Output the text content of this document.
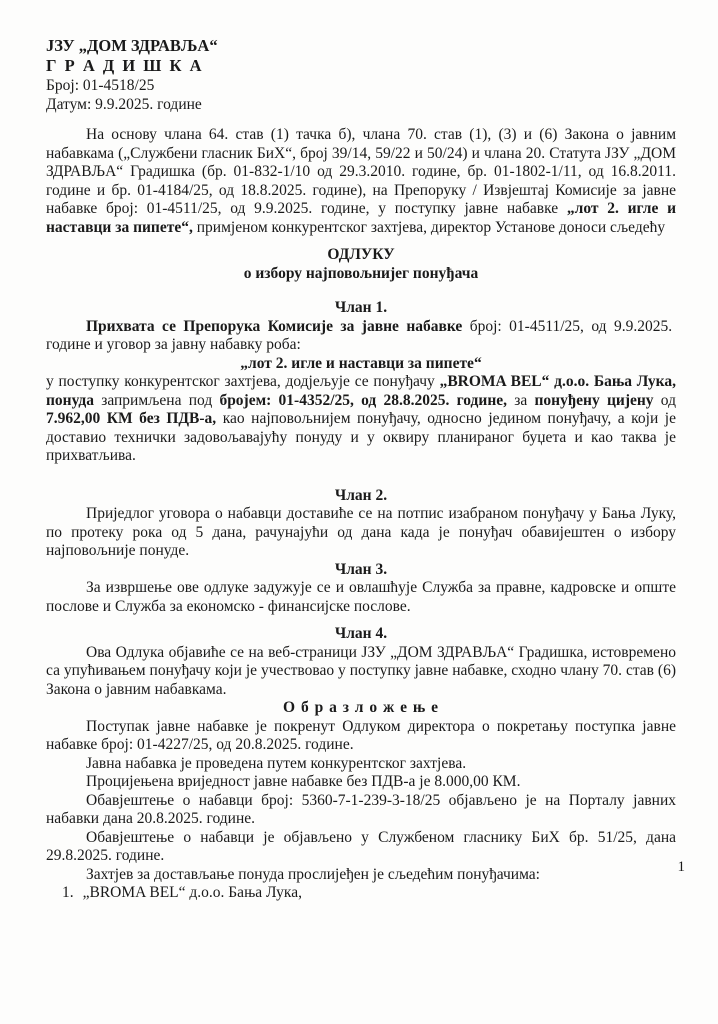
ЈЗУ „ДОМ ЗДРАВЉА“
Г Р А Д И Ш К А
Број: 01-4518/25
Датум: 9.9.2025. године

На основу члана 64. став (1) тачка б), члана 70. став (1), (3) и (6) Закона о јавним набавкама („Службени гласник БиХ“, број 39/14, 59/22 и 50/24) и члана 20. Статута ЈЗУ „ДОМ ЗДРАВЉА“ Градишка (бр. 01-832-1/10 од 29.3.2010. године, бр. 01-1802-1/11, од 16.8.2011. године и бр. 01-4184/25, од 18.8.2025. године), на Препоруку / Извјештај Комисије за јавне набавке број: 01-4511/25, од 9.9.2025. године, у поступку јавне набавке „лот 2. игле и наставци за пипете“, примјеном конкурентског захтјева, директор Установе доноси сљедећу

ОДЛУКУ
о избору најповољнијег понуђача
Члан 1.

Прихвата се Препорука Комисије за јавне набавке број: 01-4511/25, од 9.9.2025.  године и уговор за јавну набавку роба:

„лот 2. игле и наставци за пипете“

у поступку конкурентског захтјева, додјељује се понуђачу „BROMA BEL“ д.о.о. Бања Лука, понуда запримљена под бројем: 01-4352/25, од 28.8.2025. године, за понуђену цијену од 7.962,00 КМ без ПДВ-а, као најповољнијем понуђачу, односно једином понуђачу, а који је доставио технички задовољавајућу понуду и у оквиру планираног буџета и као таква је прихватљива.

Члан 2.

Приједлог уговора о набавци доставиће се на потпис изабраном понуђачу у Бања Луку, по протеку рока од 5 дана, рачунајући од дана када је понуђач обавијештен о избору најповољније понуде.

Члан 3.

За извршење ове одлуке задужује се и овлашћује Служба за правне, кадровске и опште послове и Служба за економско - финансијске послове.

Члан 4.

Ова Одлука објавиће се на веб-страници ЈЗУ „ДОМ ЗДРАВЉА“ Градишка, истовремено са упућивањем понуђачу који је учествовао у поступку јавне набавке, сходно члану 70. став (6) Закона о јавним набавкама.

О б р а з л о ж е њ е

Поступак јавне набавке је покренут Одлуком директора о покретању поступка јавне набавке број: 01-4227/25, од 20.8.2025. године.

Јавна набавка је проведена путем конкурентског захтјева.

Процијењена вриједност јавне набавке без ПДВ-а је 8.000,00 КМ.

Обавјештење о набавци број: 5360-7-1-239-3-18/25 објављено је на Порталу јавних набавки дана 20.8.2025. године.

Обавјештење о набавци је објављено у Службеном гласнику БиХ бр. 51/25, дана 29.8.2025. године.

Захтјев за достављање понуда прослијеђен је сљедећим понуђачима:

1. „BROMA BEL“ д.о.о. Бања Лука,
1
